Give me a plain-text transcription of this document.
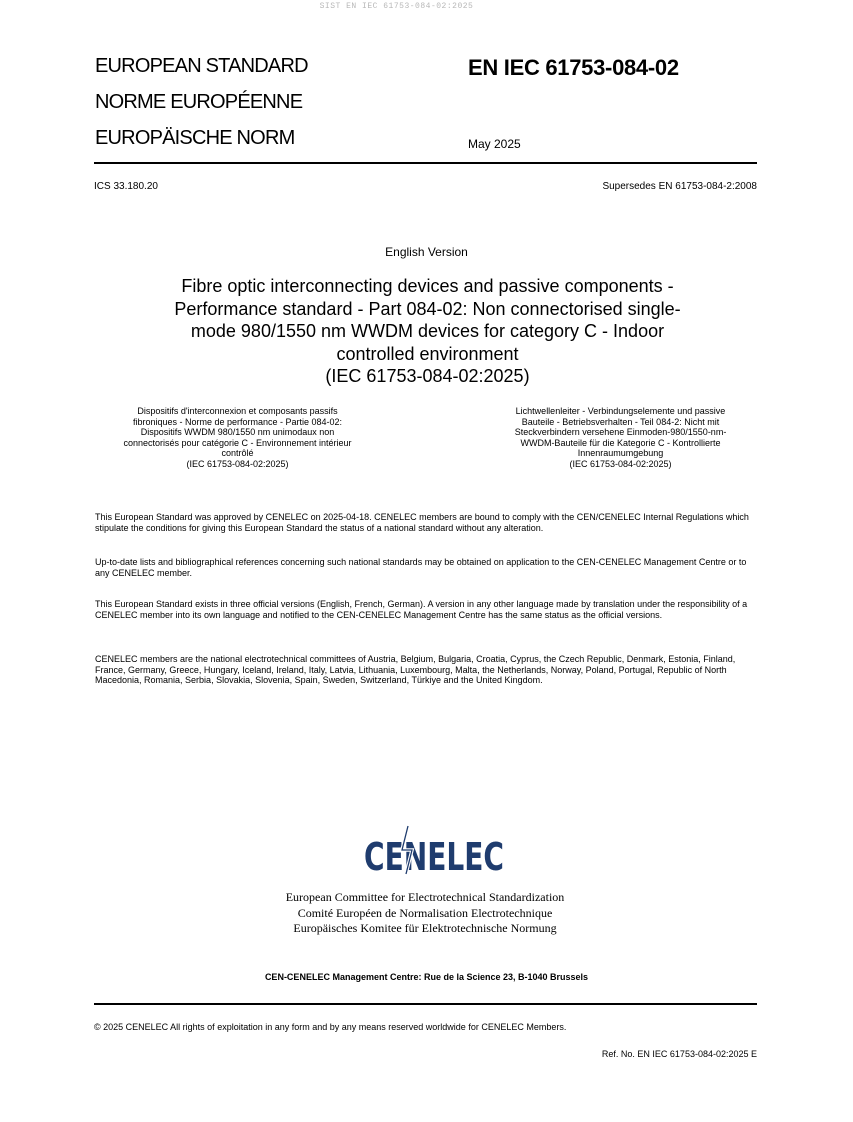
SIST EN IEC 61753-084-02:2025
EUROPEAN STANDARD
NORME EUROPÉENNE
EUROPÄISCHE NORM
EN IEC 61753-084-02
May 2025
ICS 33.180.20	Supersedes EN 61753-084-2:2008
English Version
Fibre optic interconnecting devices and passive components -
Performance standard - Part 084-02: Non connectorised single-
mode 980/1550 nm WWDM devices for category C - Indoor
controlled environment
(IEC 61753-084-02:2025)
Dispositifs d'interconnexion et composants passifs
fibroniques - Norme de performance - Partie 084-02:
Dispositifs WWDM 980/1550 nm unimodaux non
connectorisés pour catégorie C - Environnement intérieur
contrôlé
(IEC 61753-084-02:2025)
Lichtwellenleiter - Verbindungselemente und passive
Bauteile - Betriebsverhalten - Teil 084-2: Nicht mit
Steckverbindern versehene Einmoden-980/1550-nm-
WWDM-Bauteile für die Kategorie C - Kontrollierte
Innenraumumgebung
(IEC 61753-084-02:2025)
This European Standard was approved by CENELEC on 2025-04-18. CENELEC members are bound to comply with the CEN/CENELEC Internal Regulations which stipulate the conditions for giving this European Standard the status of a national standard without any alteration.
Up-to-date lists and bibliographical references concerning such national standards may be obtained on application to the CEN-CENELEC Management Centre or to any CENELEC member.
This European Standard exists in three official versions (English, French, German). A version in any other language made by translation under the responsibility of a CENELEC member into its own language and notified to the CEN-CENELEC Management Centre has the same status as the official versions.
CENELEC members are the national electrotechnical committees of Austria, Belgium, Bulgaria, Croatia, Cyprus, the Czech Republic, Denmark, Estonia, Finland, France, Germany, Greece, Hungary, Iceland, Ireland, Italy, Latvia, Lithuania, Luxembourg, Malta, the Netherlands, Norway, Poland, Portugal, Republic of North Macedonia, Romania, Serbia, Slovakia, Slovenia, Spain, Sweden, Switzerland, Türkiye and the United Kingdom.
CENELEC
European Committee for Electrotechnical Standardization
Comité Européen de Normalisation Electrotechnique
Europäisches Komitee für Elektrotechnische Normung
CEN-CENELEC Management Centre: Rue de la Science 23, B-1040 Brussels
© 2025 CENELEC All rights of exploitation in any form and by any means reserved worldwide for CENELEC Members.
Ref. No. EN IEC 61753-084-02:2025 E
